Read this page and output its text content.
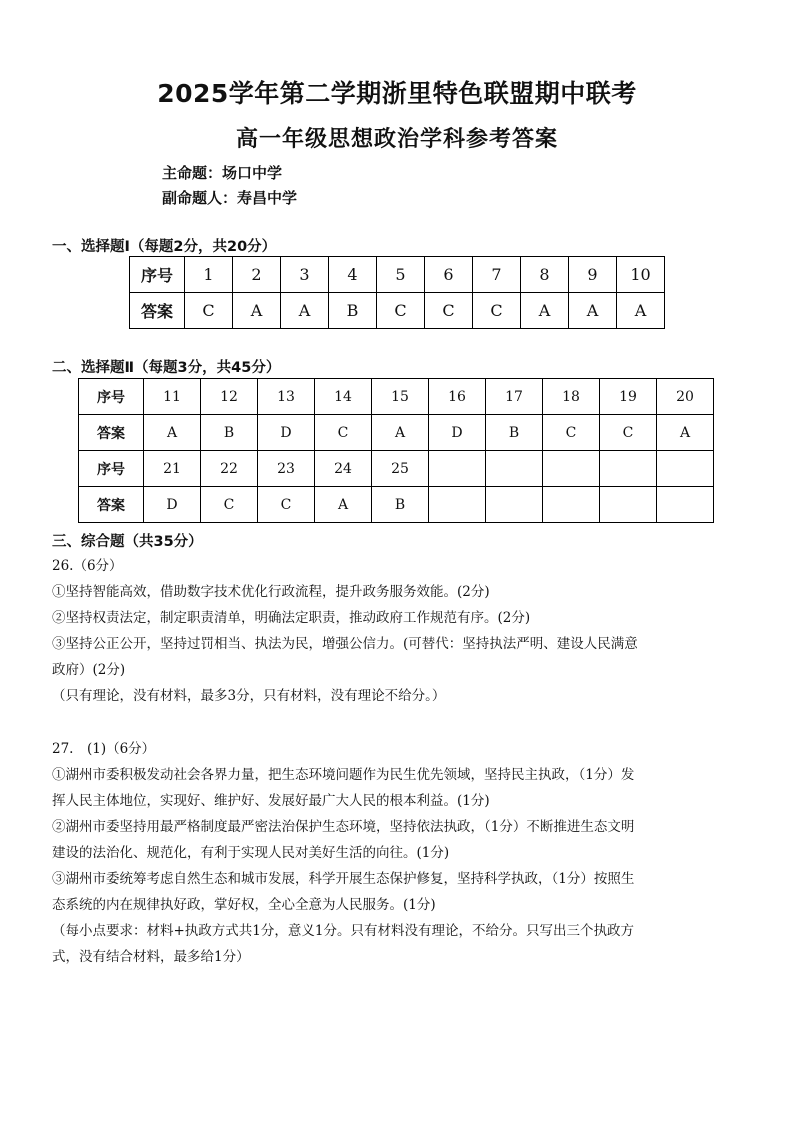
2025学年第二学期浙里特色联盟期中联考
高一年级思想政治学科参考答案
主命题：场口中学
副命题人：寿昌中学
一、选择题Ⅰ（每题2分，共20分）
序号	1	2	3	4	5	6	7	8	9	10
答案	C	A	A	B	C	C	C	A	A	A
二、选择题Ⅱ（每题3分，共45分）
序号	11	12	13	14	15	16	17	18	19	20
答案	A	B	D	C	A	D	B	C	C	A
序号	21	22	23	24	25					
答案	D	C	C	A	B					
三、综合题（共35分）
26.（6分）
①坚持智能高效，借助数字技术优化行政流程，提升政务服务效能。(2分)
②坚持权责法定，制定职责清单，明确法定职责，推动政府工作规范有序。(2分)
③坚持公正公开，坚持过罚相当、执法为民，增强公信力。(可替代：坚持执法严明、建设人民满意
政府）(2分)
（只有理论，没有材料，最多3分，只有材料，没有理论不给分。）
27.　(1)（6分）
①湖州市委积极发动社会各界力量，把生态环境问题作为民生优先领域，坚持民主执政，（1分）发
挥人民主体地位，实现好、维护好、发展好最广大人民的根本利益。(1分)
②湖州市委坚持用最严格制度最严密法治保护生态环境，坚持依法执政，（1分）不断推进生态文明
建设的法治化、规范化，有利于实现人民对美好生活的向往。(1分)
③湖州市委统筹考虑自然生态和城市发展，科学开展生态保护修复，坚持科学执政，（1分）按照生
态系统的内在规律执好政，掌好权，全心全意为人民服务。(1分)
（每小点要求：材料+执政方式共1分，意义1分。只有材料没有理论，不给分。只写出三个执政方
式，没有结合材料，最多给1分）
